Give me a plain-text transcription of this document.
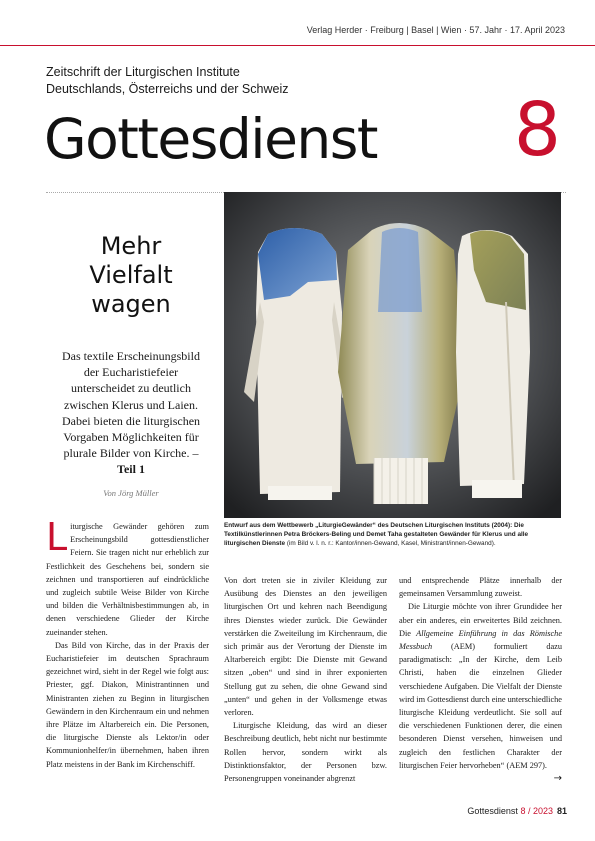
Verlag Herder · Freiburg | Basel | Wien · 57. Jahr · 17. April 2023
Zeitschrift der Liturgischen Institute
Deutschlands, Österreichs und der Schweiz
Gottesdienst 8
Mehr
Vielfalt
wagen
Das textile Erscheinungsbild der Eucharistiefeier unterscheidet zu deutlich zwischen Klerus und Laien. Dabei bieten die liturgischen Vorgaben Möglichkeiten für plurale Bilder von Kirche. – Teil 1
Von Jörg Müller
Entwurf aus dem Wettbewerb „LiturgieGewänder“ des Deutschen Liturgischen Instituts (2004): Die Textilkünstlerinnen Petra Bröckers-Beling und Demet Taha gestalteten Gewänder für Klerus und alle liturgischen Dienste (im Bild v. l. n. r.: Kantor/innen-Gewand, Kasel, Ministrant/innen-Gewand).

Liturgische Gewänder gehören zum Erscheinungsbild gottesdienstlicher Feiern. Sie tragen nicht nur erheblich zur Festlichkeit des Geschehens bei, sondern sie zeichnen und transportieren auf eindrückliche und zugleich subtile Weise Bilder von Kirche und bilden die Verhältnisbestimmungen ab, in denen verschiedene Glieder der Kirche zueinander stehen.

Das Bild von Kirche, das in der Praxis der Eucharistiefeier im deutschen Sprachraum gezeichnet wird, sieht in der Regel wie folgt aus: Priester, ggf. Diakon, Ministrantinnen und Ministranten ziehen zu Beginn in liturgischen Gewändern in den Kirchenraum ein und nehmen ihre Plätze im Altarbereich ein. Die Personen, die liturgische Dienste als Lektor/in oder Kommunionhelfer/in übernehmen, haben ihren Platz meistens in der Bank im Kirchenschiff.

Von dort treten sie in ziviler Kleidung zur Ausübung des Dienstes an den jeweiligen liturgischen Ort und kehren nach Beendigung ihres Dienstes wieder zurück. Die Gewänder verstärken die Zweiteilung im Kirchenraum, die sich primär aus der Verortung der Dienste im Altarbereich ergibt: Die Dienste mit Gewand sitzen „oben“ und sind in ihrer exponierten Stellung gut zu sehen, die ohne Gewand sind „unten“ und gehen in der Volksmenge etwas verloren.

Liturgische Kleidung, das wird an dieser Beschreibung deutlich, hebt nicht nur bestimmte Rollen hervor, sondern wirkt als Distinktionsfaktor, der Personen bzw. Personengruppen voneinander abgrenzt

und entsprechende Plätze innerhalb der gemeinsamen Versammlung zuweist.

Die Liturgie möchte von ihrer Grundidee her aber ein anderes, ein erweitertes Bild zeichnen. Die Allgemeine Einführung in das Römische Messbuch (AEM) formuliert dazu paradigmatisch: „In der Kirche, dem Leib Christi, haben die einzelnen Glieder verschiedene Aufgaben. Die Vielfalt der Dienste wird im Gottesdienst durch eine unterschiedliche liturgische Kleidung verdeutlicht. Sie soll auf die verschiedenen Funktionen derer, die einen besonderen Dienst versehen, hinweisen und zugleich den festlichen Charakter der liturgischen Feier hervorheben“ (AEM 297).
→

Gottesdienst 8 / 2023 81
